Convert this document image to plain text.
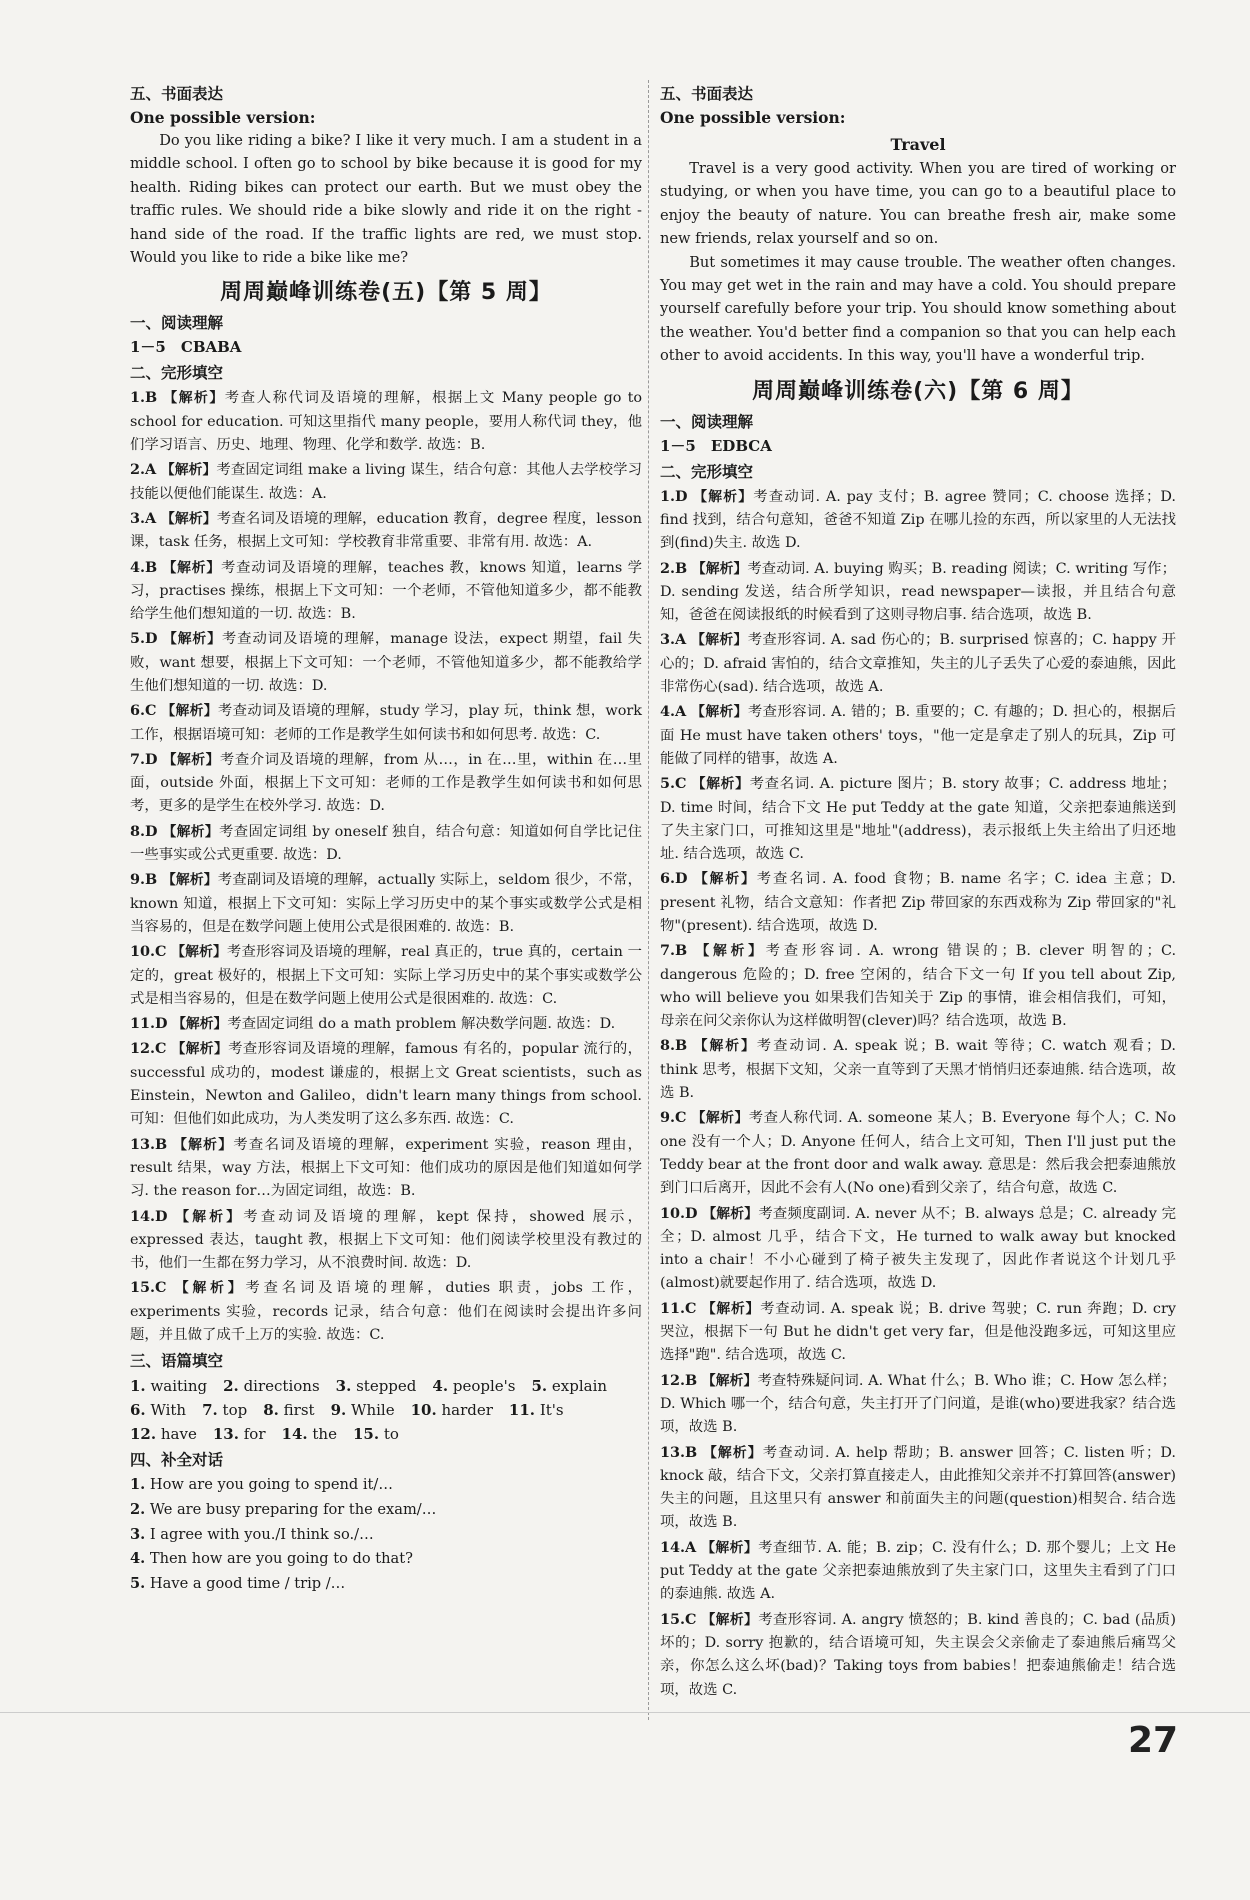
五、书面表达
One possible version:

Do you like riding a bike? I like it very much. I am a student in a middle school. I often go to school by bike because it is good for my health. Riding bikes can protect our earth. But we must obey the traffic rules. We should ride a bike slowly and ride it on the right - hand side of the road. If the traffic lights are red, we must stop. Would you like to ride a bike like me?

周周巅峰训练卷(五)【第 5 周】
一、阅读理解
1－5　CBABA
二、完形填空
1.B 【解析】考查人称代词及语境的理解，根据上文 Many people go to school for education. 可知这里指代 many people，要用人称代词 they，他们学习语言、历史、地理、物理、化学和数学. 故选：B.
2.A 【解析】考查固定词组 make a living 谋生，结合句意：其他人去学校学习技能以便他们能谋生. 故选：A.
3.A 【解析】考查名词及语境的理解，education 教育，degree 程度，lesson 课，task 任务，根据上文可知：学校教育非常重要、非常有用. 故选：A.
4.B 【解析】考查动词及语境的理解，teaches 教，knows 知道，learns 学习，practises 操练，根据上下文可知：一个老师，不管他知道多少，都不能教给学生他们想知道的一切. 故选：B.
5.D 【解析】考查动词及语境的理解，manage 设法，expect 期望，fail 失败，want 想要，根据上下文可知：一个老师，不管他知道多少，都不能教给学生他们想知道的一切. 故选：D.
6.C 【解析】考查动词及语境的理解，study 学习，play 玩，think 想，work 工作，根据语境可知：老师的工作是教学生如何读书和如何思考. 故选：C.
7.D 【解析】考查介词及语境的理解，from 从…，in 在…里，within 在…里面，outside 外面，根据上下文可知：老师的工作是教学生如何读书和如何思考，更多的是学生在校外学习. 故选：D.
8.D 【解析】考查固定词组 by oneself 独自，结合句意：知道如何自学比记住一些事实或公式更重要. 故选：D.
9.B 【解析】考查副词及语境的理解，actually 实际上，seldom 很少，不常，known 知道，根据上下文可知：实际上学习历史中的某个事实或数学公式是相当容易的，但是在数学问题上使用公式是很困难的. 故选：B.
10.C 【解析】考查形容词及语境的理解，real 真正的，true 真的，certain 一定的，great 极好的，根据上下文可知：实际上学习历史中的某个事实或数学公式是相当容易的，但是在数学问题上使用公式是很困难的. 故选：C.
11.D 【解析】考查固定词组 do a math problem 解决数学问题. 故选：D.
12.C 【解析】考查形容词及语境的理解，famous 有名的，popular 流行的，successful 成功的，modest 谦虚的，根据上文 Great scientists，such as Einstein，Newton and Galileo，didn't learn many things from school. 可知：但他们如此成功，为人类发明了这么多东西. 故选：C.
13.B 【解析】考查名词及语境的理解，experiment 实验，reason 理由，result 结果，way 方法，根据上下文可知：他们成功的原因是他们知道如何学习. the reason for…为固定词组，故选：B.
14.D 【解析】考查动词及语境的理解，kept 保持，showed 展示，expressed 表达，taught 教，根据上下文可知：他们阅读学校里没有教过的书，他们一生都在努力学习，从不浪费时间. 故选：D.
15.C 【解析】考查名词及语境的理解，duties 职责，jobs 工作，experiments 实验，records 记录，结合句意：他们在阅读时会提出许多问题，并且做了成千上万的实验. 故选：C.
三、语篇填空
1. waiting 2. directions 3. stepped 4. people's 5. explain
6. With 7. top 8. first 9. While 10. harder 11. It's
12. have 13. for 14. the 15. to
四、补全对话
1. How are you going to spend it/…
2. We are busy preparing for the exam/…
3. I agree with you./I think so./…
4. Then how are you going to do that?
5. Have a good time / trip /…
五、书面表达
One possible version:
Travel

Travel is a very good activity. When you are tired of working or studying, or when you have time, you can go to a beautiful place to enjoy the beauty of nature. You can breathe fresh air, make some new friends, relax yourself and so on.

But sometimes it may cause trouble. The weather often changes. You may get wet in the rain and may have a cold. You should prepare yourself carefully before your trip. You should know something about the weather. You'd better find a companion so that you can help each other to avoid accidents. In this way, you'll have a wonderful trip.

周周巅峰训练卷(六)【第 6 周】
一、阅读理解
1－5　EDBCA
二、完形填空
1.D 【解析】考查动词. A. pay 支付；B. agree 赞同；C. choose 选择；D. find 找到，结合句意知，爸爸不知道 Zip 在哪儿捡的东西，所以家里的人无法找到(find)失主. 故选 D.
2.B 【解析】考查动词. A. buying 购买；B. reading 阅读；C. writing 写作；D. sending 发送，结合所学知识，read newspaper—读报，并且结合句意知，爸爸在阅读报纸的时候看到了这则寻物启事. 结合选项，故选 B.
3.A 【解析】考查形容词. A. sad 伤心的；B. surprised 惊喜的；C. happy 开心的；D. afraid 害怕的，结合文章推知，失主的儿子丢失了心爱的泰迪熊，因此非常伤心(sad). 结合选项，故选 A.
4.A 【解析】考查形容词. A. 错的；B. 重要的；C. 有趣的；D. 担心的，根据后面 He must have taken others' toys，"他一定是拿走了别人的玩具，Zip 可能做了同样的错事，故选 A.
5.C 【解析】考查名词. A. picture 图片；B. story 故事；C. address 地址；D. time 时间，结合下文 He put Teddy at the gate 知道，父亲把泰迪熊送到了失主家门口，可推知这里是"地址"(address)，表示报纸上失主给出了归还地址. 结合选项，故选 C.
6.D 【解析】考查名词. A. food 食物；B. name 名字；C. idea 主意；D. present 礼物，结合文意知：作者把 Zip 带回家的东西戏称为 Zip 带回家的"礼物"(present). 结合选项，故选 D.
7.B 【解析】考查形容词. A. wrong 错误的；B. clever 明智的；C. dangerous 危险的；D. free 空闲的，结合下文一句 If you tell about Zip, who will believe you 如果我们告知关于 Zip 的事情，谁会相信我们，可知，母亲在问父亲你认为这样做明智(clever)吗？结合选项，故选 B.
8.B 【解析】考查动词. A. speak 说；B. wait 等待；C. watch 观看；D. think 思考，根据下文知，父亲一直等到了天黑才悄悄归还泰迪熊. 结合选项，故选 B.
9.C 【解析】考查人称代词. A. someone 某人；B. Everyone 每个人；C. No one 没有一个人；D. Anyone 任何人，结合上文可知，Then I'll just put the Teddy bear at the front door and walk away. 意思是：然后我会把泰迪熊放到门口后离开，因此不会有人(No one)看到父亲了，结合句意，故选 C.
10.D 【解析】考查频度副词. A. never 从不；B. always 总是；C. already 完全；D. almost 几乎，结合下文，He turned to walk away but knocked into a chair！不小心碰到了椅子被失主发现了，因此作者说这个计划几乎(almost)就要起作用了. 结合选项，故选 D.
11.C 【解析】考查动词. A. speak 说；B. drive 驾驶；C. run 奔跑；D. cry 哭泣，根据下一句 But he didn't get very far，但是他没跑多远，可知这里应选择"跑". 结合选项，故选 C.
12.B 【解析】考查特殊疑问词. A. What 什么；B. Who 谁；C. How 怎么样；D. Which 哪一个，结合句意，失主打开了门问道，是谁(who)要进我家？结合选项，故选 B.
13.B 【解析】考查动词. A. help 帮助；B. answer 回答；C. listen 听；D. knock 敲，结合下文，父亲打算直接走人，由此推知父亲并不打算回答(answer)失主的问题，且这里只有 answer 和前面失主的问题(question)相契合. 结合选项，故选 B.
14.A 【解析】考查细节. A. 能；B. zip；C. 没有什么；D. 那个婴儿；上文 He put Teddy at the gate 父亲把泰迪熊放到了失主家门口，这里失主看到了门口的泰迪熊. 故选 A.
15.C 【解析】考查形容词. A. angry 愤怒的；B. kind 善良的；C. bad (品质)坏的；D. sorry 抱歉的，结合语境可知，失主误会父亲偷走了泰迪熊后痛骂父亲，你怎么这么坏(bad)？Taking toys from babies！把泰迪熊偷走！结合选项，故选 C.
27
